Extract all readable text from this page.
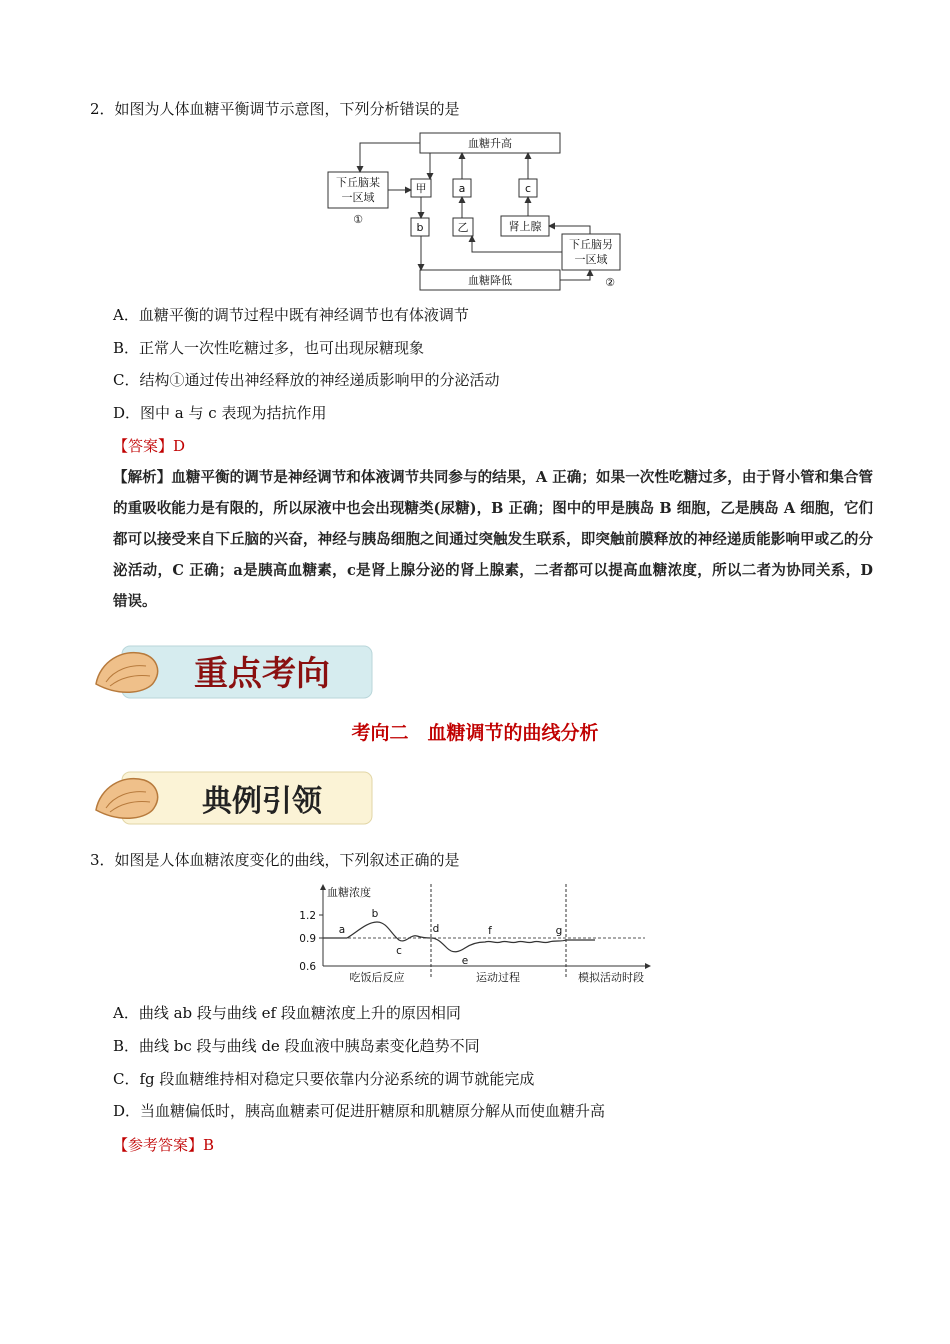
2．如图为人体血糖平衡调节示意图，下列分析错误的是
血糖升高
下丘脑某
一区域
①
甲	a	c
b	乙	肾上腺
下丘脑另
一区域
血糖降低	②
A．血糖平衡的调节过程中既有神经调节也有体液调节
B．正常人一次性吃糖过多，也可出现尿糖现象
C．结构①通过传出神经释放的神经递质影响甲的分泌活动
D．图中 a 与 c 表现为拮抗作用
【答案】D
【解析】血糖平衡的调节是神经调节和体液调节共同参与的结果，A 正确；如果一次性吃糖过多，由于肾小管和集合管的重吸收能力是有限的，所以尿液中也会出现糖类(尿糖)，B 正确；图中的甲是胰岛 B 细胞，乙是胰岛 A 细胞，它们都可以接受来自下丘脑的兴奋，神经与胰岛细胞之间通过突触发生联系，即突触前膜释放的神经递质能影响甲或乙的分泌活动，C 正确；a是胰高血糖素，c是肾上腺分泌的肾上腺素，二者都可以提高血糖浓度，所以二者为协同关系，D 错误。
重点考向
考向二　血糖调节的曲线分析
典例引领
3．如图是人体血糖浓度变化的曲线，下列叙述正确的是
1.2
0.9
0.6
血糖浓度
a
b
c
d
e
f	g
吃饭后反应	运动过程	模拟活动时段
A．曲线 ab 段与曲线 ef 段血糖浓度上升的原因相同
B．曲线 bc 段与曲线 de 段血液中胰岛素变化趋势不同
C．fg 段血糖维持相对稳定只要依靠内分泌系统的调节就能完成
D．当血糖偏低时，胰高血糖素可促进肝糖原和肌糖原分解从而使血糖升高
【参考答案】B
